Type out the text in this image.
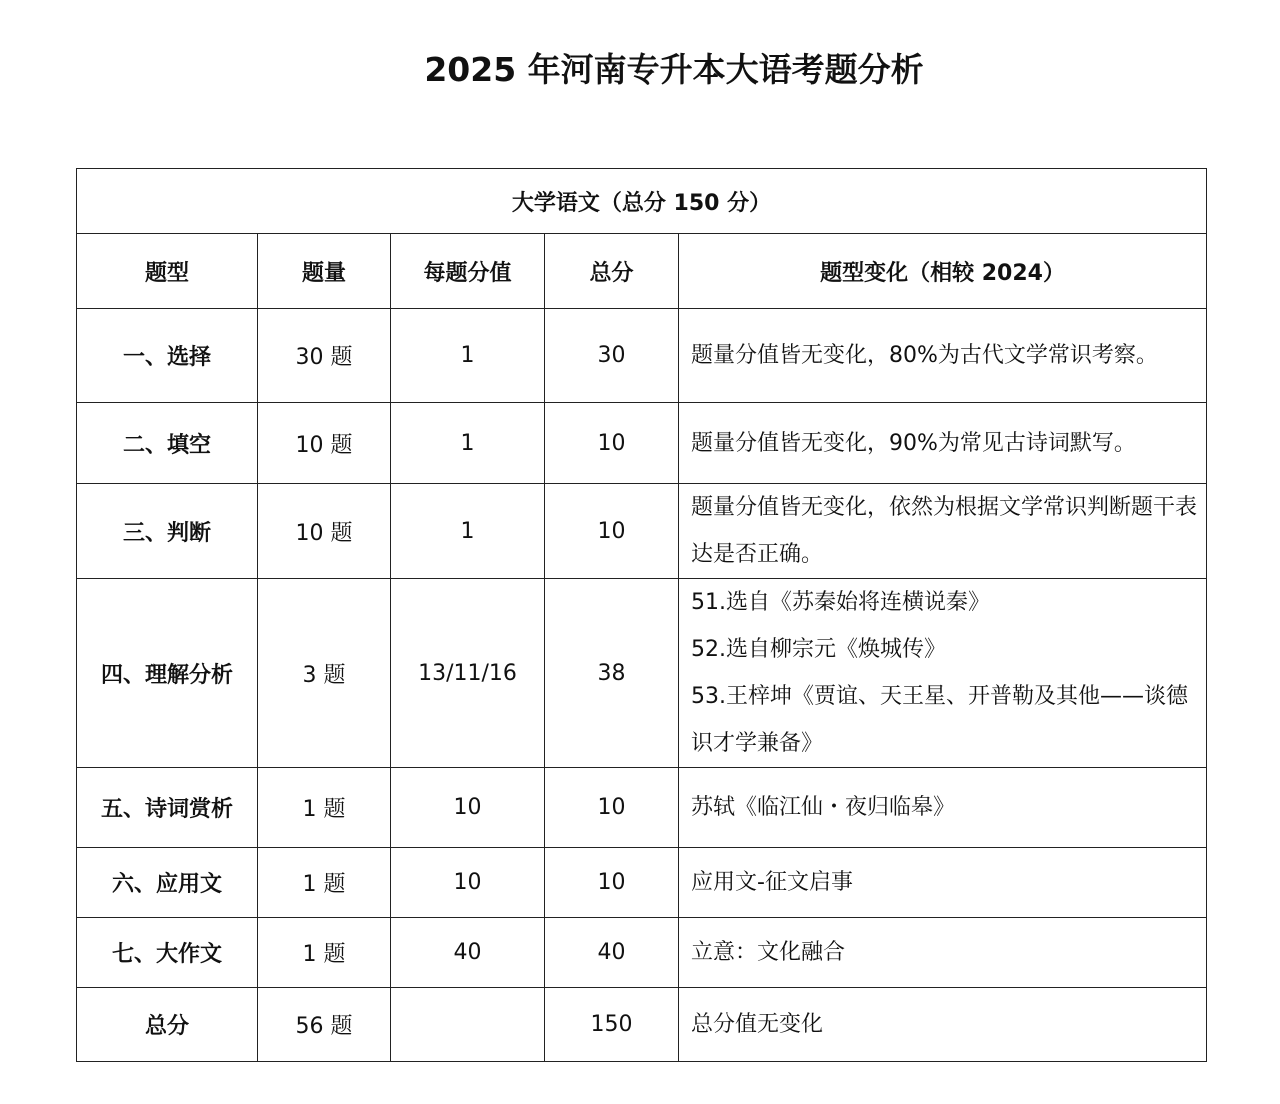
2025 年河南专升本大语考题分析
大学语文（总分 150 分）				
题型	题量	每题分值	总分	题型变化（相较 2024）
一、选择	30 题	1	30	题量分值皆无变化，80%为古代文学常识考察。

二、填空	10 题	1	10	题量分值皆无变化，90%为常见古诗词默写。

三、判断	10 题	1	10	题量分值皆无变化，依然为根据文学常识判断题干表达是否正确。

四、理解分析	3 题	13/11/16	38	51.选自《苏秦始将连横说秦》
52.选自柳宗元《焕城传》
53.王梓坤《贾谊、天王星、开普勒及其他——谈德识才学兼备》

五、诗词赏析	1 题	10	10	苏轼《临江仙・夜归临皋》

六、应用文	1 题	10	10	应用文-征文启事

七、大作文	1 题	40	40	立意：文化融合

总分	56 题		150	总分值无变化
